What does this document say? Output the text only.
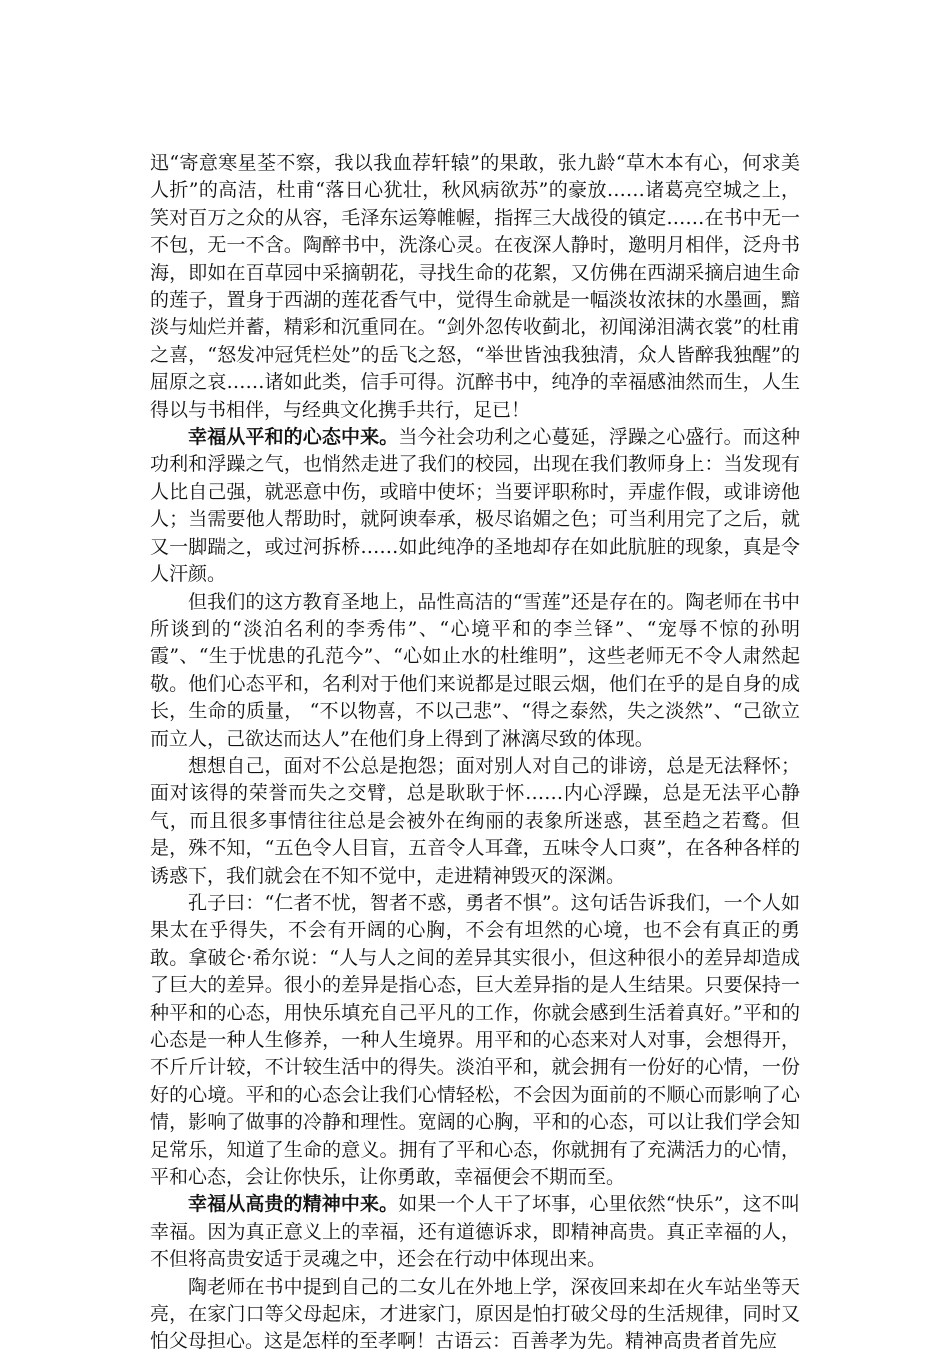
迅“寄意寒星荃不察，我以我血荐轩辕”的果敢，张九龄“草木本有心，何求美人折”的高洁，杜甫“落日心犹壮，秋风病欲苏”的豪放……诸葛亮空城之上，笑对百万之众的从容，毛泽东运筹帷幄，指挥三大战役的镇定……在书中无一不包，无一不含。陶醉书中，洗涤心灵。在夜深人静时，邀明月相伴，泛舟书海，即如在百草园中采摘朝花，寻找生命的花絮，又仿佛在西湖采摘启迪生命的莲子，置身于西湖的莲花香气中，觉得生命就是一幅淡妆浓抹的水墨画，黯淡与灿烂并蓄，精彩和沉重同在。“剑外忽传收蓟北，初闻涕泪满衣裳”的杜甫之喜，“怒发冲冠凭栏处”的岳飞之怒，“举世皆浊我独清，众人皆醉我独醒”的屈原之哀……诸如此类，信手可得。沉醉书中，纯净的幸福感油然而生，人生得以与书相伴，与经典文化携手共行，足已！

幸福从平和的心态中来。当今社会功利之心蔓延，浮躁之心盛行。而这种功利和浮躁之气，也悄然走进了我们的校园，出现在我们教师身上：当发现有人比自己强，就恶意中伤，或暗中使坏；当要评职称时，弄虚作假，或诽谤他人；当需要他人帮助时，就阿谀奉承，极尽谄媚之色；可当利用完了之后，就又一脚踹之，或过河拆桥……如此纯净的圣地却存在如此肮脏的现象，真是令人汗颜。

但我们的这方教育圣地上，品性高洁的“雪莲”还是存在的。陶老师在书中所谈到的“淡泊名利的李秀伟”、“心境平和的李兰铎”、“宠辱不惊的孙明霞”、“生于忧患的孔范今”、“心如止水的杜维明”，这些老师无不令人肃然起敬。他们心态平和，名利对于他们来说都是过眼云烟，他们在乎的是自身的成长，生命的质量， “不以物喜，不以己悲”、“得之泰然，失之淡然”、“己欲立而立人，己欲达而达人”在他们身上得到了淋漓尽致的体现。

想想自己，面对不公总是抱怨；面对别人对自己的诽谤，总是无法释怀；面对该得的荣誉而失之交臂，总是耿耿于怀……内心浮躁，总是无法平心静气，而且很多事情往往总是会被外在绚丽的表象所迷惑，甚至趋之若鹜。但是，殊不知，“五色令人目盲，五音令人耳聋，五味令人口爽”，在各种各样的诱惑下，我们就会在不知不觉中，走进精神毁灭的深渊。

孔子曰：“仁者不忧，智者不惑，勇者不惧”。这句话告诉我们，一个人如果太在乎得失，不会有开阔的心胸，不会有坦然的心境，也不会有真正的勇敢。拿破仑·希尔说：“人与人之间的差异其实很小，但这种很小的差异却造成了巨大的差异。很小的差异是指心态，巨大差异指的是人生结果。只要保持一种平和的心态，用快乐填充自己平凡的工作，你就会感到生活着真好。”平和的心态是一种人生修养，一种人生境界。用平和的心态来对人对事，会想得开，不斤斤计较，不计较生活中的得失。淡泊平和，就会拥有一份好的心情，一份好的心境。平和的心态会让我们心情轻松，不会因为面前的不顺心而影响了心情，影响了做事的冷静和理性。宽阔的心胸，平和的心态，可以让我们学会知足常乐，知道了生命的意义。拥有了平和心态，你就拥有了充满活力的心情，平和心态，会让你快乐，让你勇敢，幸福便会不期而至。

幸福从高贵的精神中来。如果一个人干了坏事，心里依然“快乐”，这不叫幸福。因为真正意义上的幸福，还有道德诉求，即精神高贵。真正幸福的人，不但将高贵安适于灵魂之中，还会在行动中体现出来。

陶老师在书中提到自己的二女儿在外地上学，深夜回来却在火车站坐等天亮，在家门口等父母起床，才进家门，原因是怕打破父母的生活规律，同时又怕父母担心。这是怎样的至孝啊！古语云：百善孝为先。精神高贵者首先应
